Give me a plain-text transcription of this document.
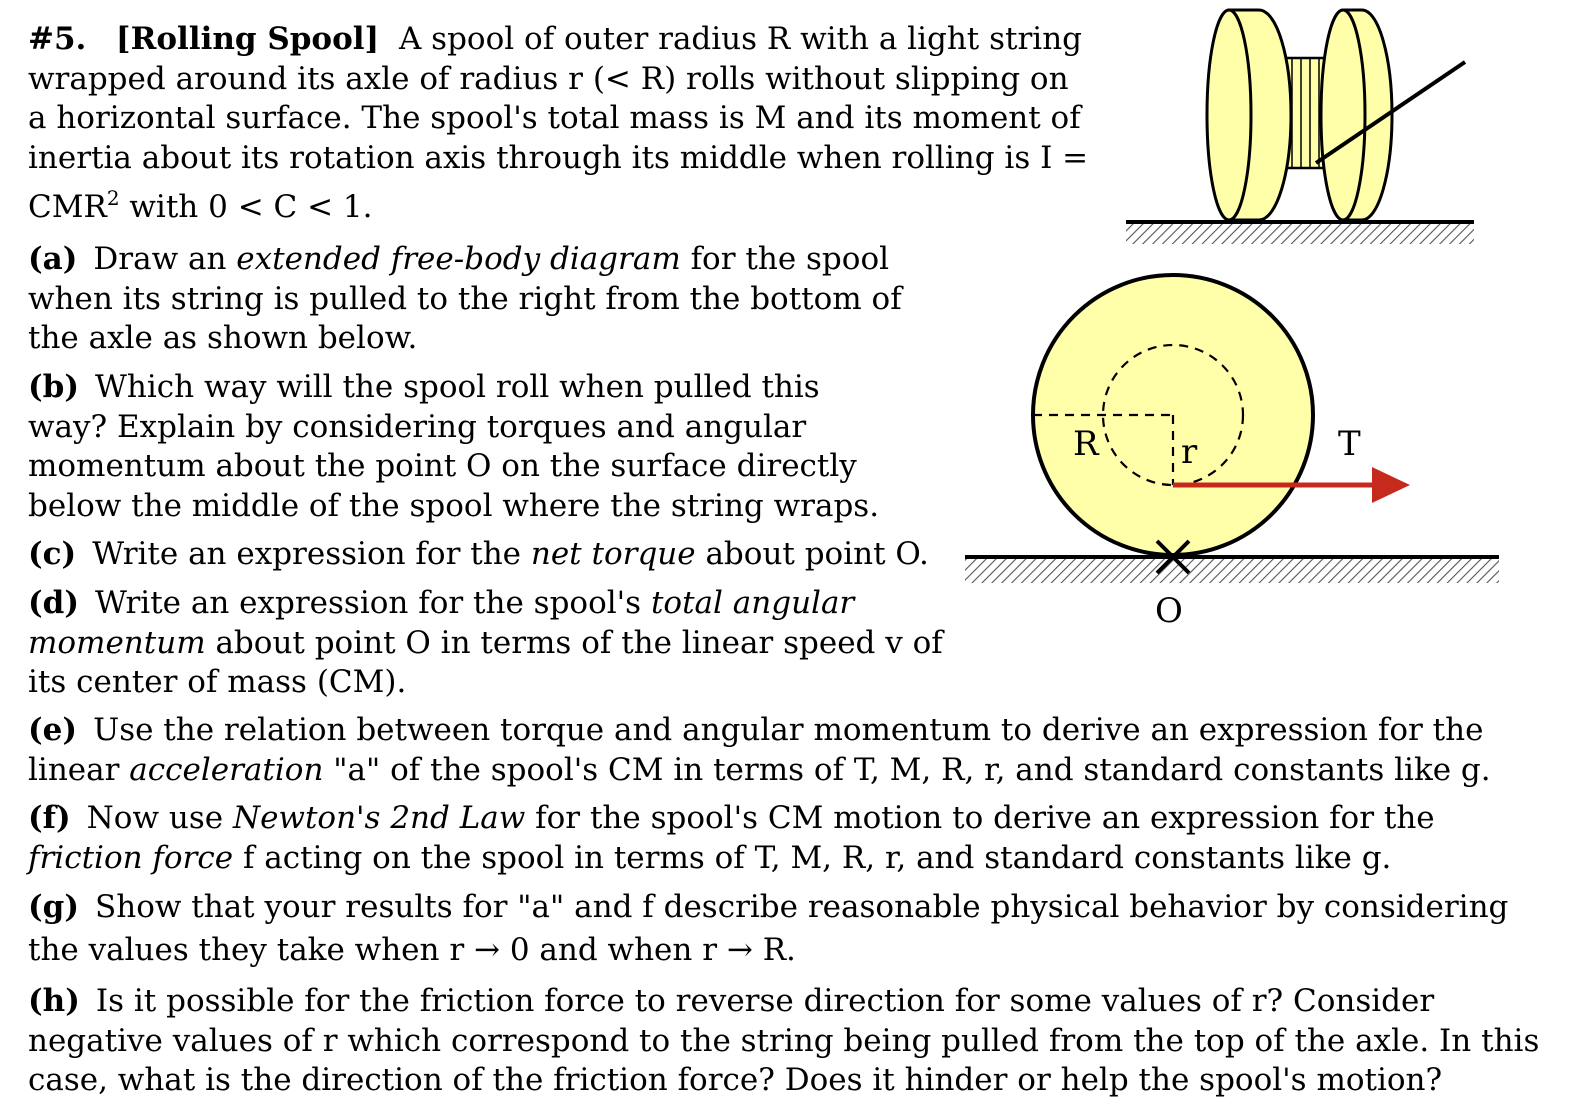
#5. [Rolling Spool] A spool of outer radius R with a light string

wrapped around its axle of radius r (< R) rolls without slipping on

a horizontal surface. The spool's total mass is M and its moment of

inertia about its rotation axis through its middle when rolling is I =

CMR$^2$ with 0 < C < 1.

(a) Draw an extended free-body diagram for the spool

when its string is pulled to the right from the bottom of

the axle as shown below.

(b) Which way will the spool roll when pulled this

way? Explain by considering torques and angular

momentum about the point O on the surface directly

below the middle of the spool where the string wraps.

(c) Write an expression for the net torque about point O.

(d) Write an expression for the spool's total angular

momentum about point O in terms of the linear speed v of

its center of mass (CM).

(e) Use the relation between torque and angular momentum to derive an expression for the

linear acceleration "a" of the spool's CM in terms of T, M, R, r, and standard constants like g.

(f) Now use Newton's 2nd Law for the spool's CM motion to derive an expression for the

friction force f acting on the spool in terms of T, M, R, r, and standard constants like g.

(g) Show that your results for "a" and f describe reasonable physical behavior by considering

the values they take when r → 0 and when r → R.

(h) Is it possible for the friction force to reverse direction for some values of r? Consider

negative values of r which correspond to the string being pulled from the top of the axle. In this

case, what is the direction of the friction force? Does it hinder or help the spool's motion?

R r	T
O
